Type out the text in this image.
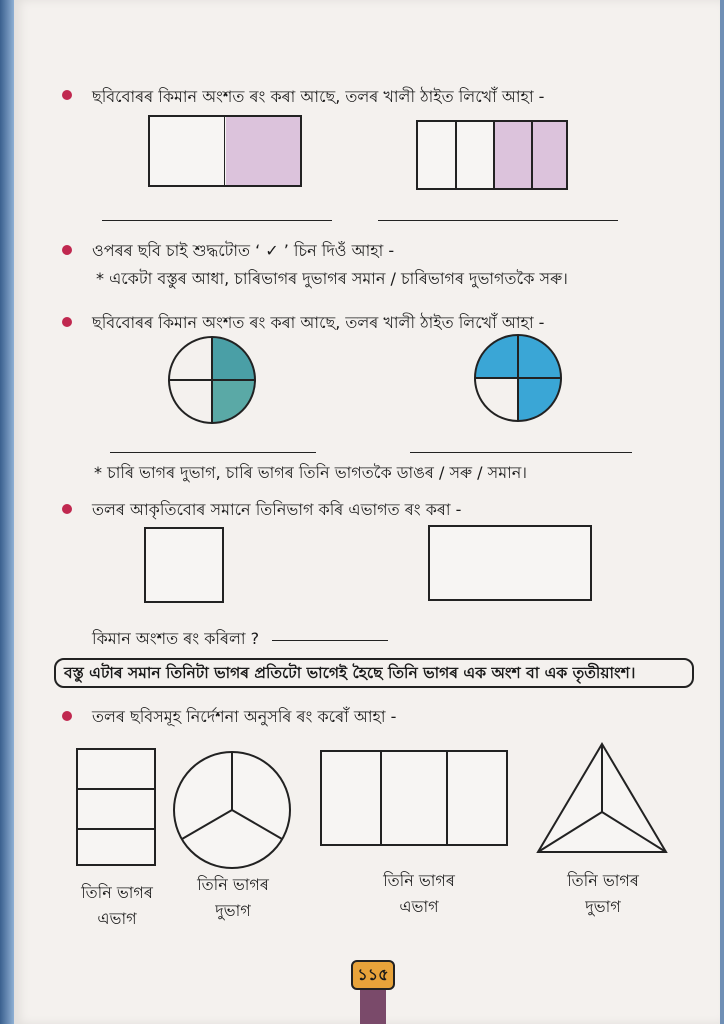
ছবিবোৰৰ কিমান অংশত ৰং কৰা আছে, তলৰ খালী ঠাইত লিখোঁ আহা -
ওপৰৰ ছবি চাই শুদ্ধটোত ‘ ✓ ’ চিন দিওঁ আহা -
* একেটা বস্তুৰ আধা, চাৰিভাগৰ দুভাগৰ সমান / চাৰিভাগৰ দুভাগতকৈ সৰু।
ছবিবোৰৰ কিমান অংশত ৰং কৰা আছে, তলৰ খালী ঠাইত লিখোঁ আহা -
* চাৰি ভাগৰ দুভাগ, চাৰি ভাগৰ তিনি ভাগতকৈ ডাঙৰ / সৰু / সমান।
তলৰ আকৃতিবোৰ সমানে তিনিভাগ কৰি এভাগত ৰং কৰা -
কিমান অংশত ৰং কৰিলা ?
বস্তু এটাৰ সমান তিনিটা ভাগৰ প্ৰতিটো ভাগেই হৈছে তিনি ভাগৰ এক অংশ বা এক তৃতীয়াংশ।
তলৰ ছবিসমূহ নিৰ্দেশনা অনুসৰি ৰং কৰোঁ আহা -
তিনি ভাগৰ
এভাগ
তিনি ভাগৰ
দুভাগ
তিনি ভাগৰ
এভাগ
তিনি ভাগৰ
দুভাগ
১১৫
